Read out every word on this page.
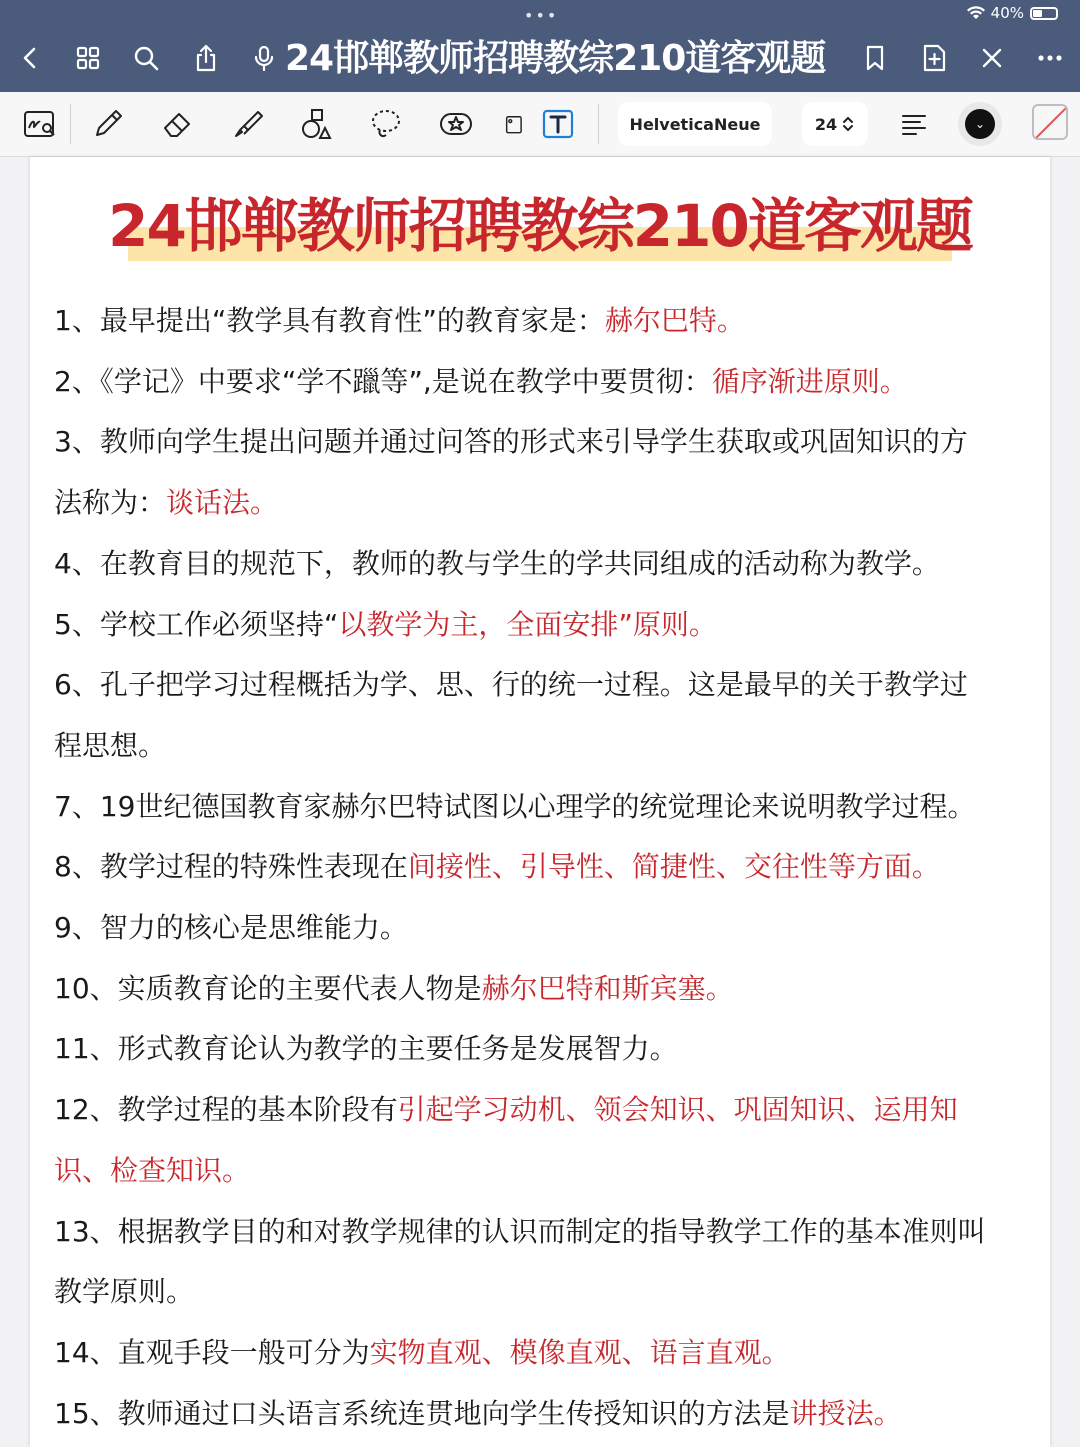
•••	40%
24邯郸教师招聘教综210道客观题
HelveticaNeue	24	⌄
24邯郸教师招聘教综210道客观题
1、最早提出“教学具有教育性”的教育家是：赫尔巴特。
2、《学记》中要求“学不躐等”,是说在教学中要贯彻：循序渐进原则。
3、教师向学生提出问题并通过问答的形式来引导学生获取或巩固知识的方
法称为：谈话法。
4、在教育目的规范下，教师的教与学生的学共同组成的活动称为教学。
5、学校工作必须坚持“以教学为主，全面安排”原则。
6、孔子把学习过程概括为学、思、行的统一过程。这是最早的关于教学过
程思想。
7、19世纪德国教育家赫尔巴特试图以心理学的统觉理论来说明教学过程。
8、教学过程的特殊性表现在间接性、引导性、简捷性、交往性等方面。
9、智力的核心是思维能力。
10、实质教育论的主要代表人物是赫尔巴特和斯宾塞。
11、形式教育论认为教学的主要任务是发展智力。
12、教学过程的基本阶段有引起学习动机、领会知识、巩固知识、运用知
识、检查知识。
13、根据教学目的和对教学规律的认识而制定的指导教学工作的基本准则叫
教学原则。
14、直观手段一般可分为实物直观、模像直观、语言直观。
15、教师通过口头语言系统连贯地向学生传授知识的方法是讲授法。
